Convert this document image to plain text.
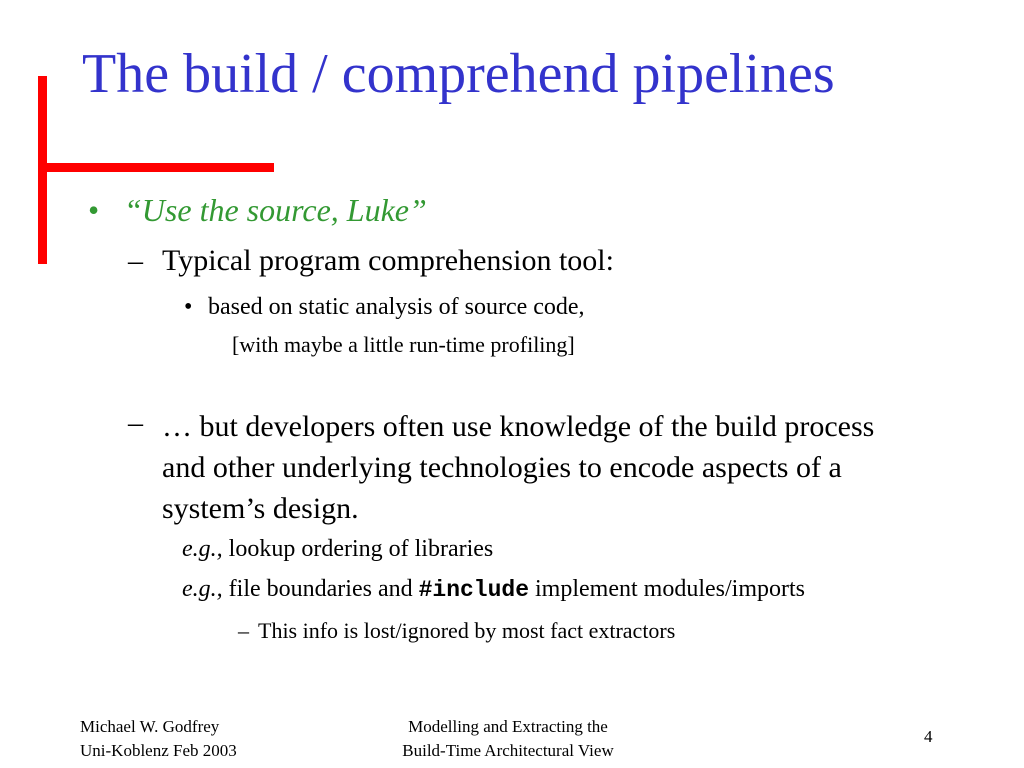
The build / comprehend pipelines
• “Use the source, Luke”
– Typical program comprehension tool:
• based on static analysis of source code,
[with maybe a little run-time profiling]
– … but developers often use knowledge of the build process and other underlying technologies to encode aspects of a system’s design.
e.g., lookup ordering of libraries
e.g., file boundaries and #include implement modules/imports
– This info is lost/ignored by most fact extractors
Michael W. Godfrey
Uni-Koblenz Feb 2003
Modelling and Extracting the
Build-Time Architectural View
4
